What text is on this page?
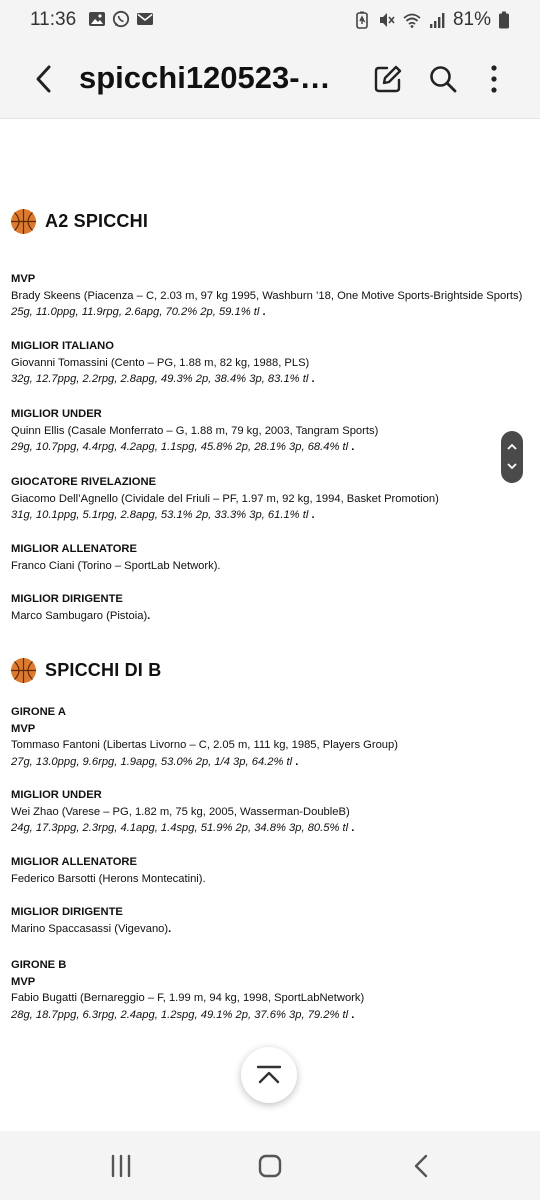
11:36	81%
spicchi120523-…
A2 SPICCHI
MVP
Brady Skeens (Piacenza – C, 2.03 m, 97 kg 1995, Washburn ’18, One Motive Sports-Brightside Sports)
25g, 11.0ppg, 11.9rpg, 2.6apg, 70.2% 2p, 59.1% tl .
MIGLIOR ITALIANO
Giovanni Tomassini (Cento – PG, 1.88 m, 82 kg, 1988, PLS)
32g, 12.7ppg, 2.2rpg, 2.8apg, 49.3% 2p, 38.4% 3p, 83.1% tl .
MIGLIOR UNDER
Quinn Ellis (Casale Monferrato – G, 1.88 m, 79 kg, 2003, Tangram Sports)
29g, 10.7ppg, 4.4rpg, 4.2apg, 1.1spg, 45.8% 2p, 28.1% 3p, 68.4% tl .
GIOCATORE RIVELAZIONE
Giacomo Dell’Agnello (Cividale del Friuli – PF, 1.97 m, 92 kg, 1994, Basket Promotion)
31g, 10.1ppg, 5.1rpg, 2.8apg, 53.1% 2p, 33.3% 3p, 61.1% tl .
MIGLIOR ALLENATORE
Franco Ciani (Torino – SportLab Network).
MIGLIOR DIRIGENTE
Marco Sambugaro (Pistoia).
SPICCHI DI B
GIRONE A
MVP
Tommaso Fantoni (Libertas Livorno – C, 2.05 m, 111 kg, 1985, Players Group)
27g, 13.0ppg, 9.6rpg, 1.9apg, 53.0% 2p, 1/4 3p, 64.2% tl .
MIGLIOR UNDER
Wei Zhao (Varese – PG, 1.82 m, 75 kg, 2005, Wasserman-DoubleB)
24g, 17.3ppg, 2.3rpg, 4.1apg, 1.4spg, 51.9% 2p, 34.8% 3p, 80.5% tl .
MIGLIOR ALLENATORE
Federico Barsotti (Herons Montecatini).
MIGLIOR DIRIGENTE
Marino Spaccasassi (Vigevano).
GIRONE B
MVP
Fabio Bugatti (Bernareggio – F, 1.99 m, 94 kg, 1998, SportLabNetwork)
28g, 18.7ppg, 6.3rpg, 2.4apg, 1.2spg, 49.1% 2p, 37.6% 3p, 79.2% tl .
